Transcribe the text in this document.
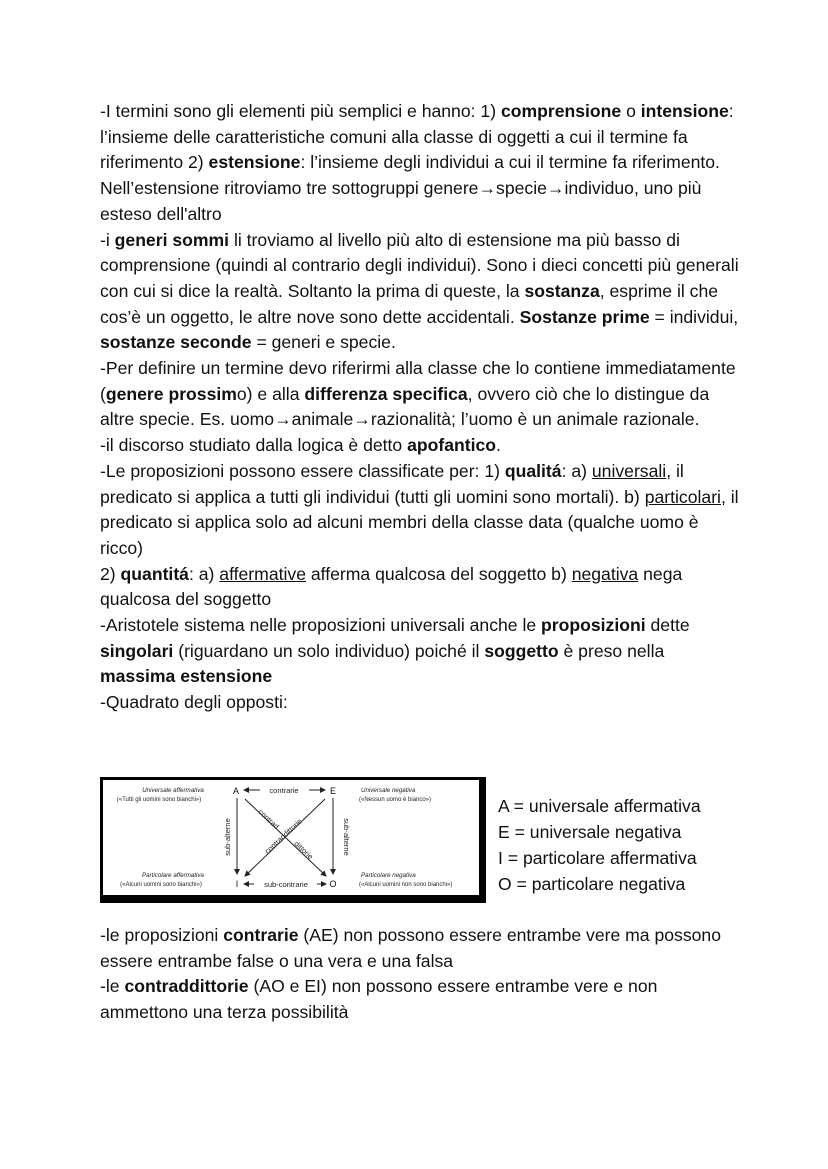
-I termini sono gli elementi più semplici e hanno: 1) comprensione o intensione: l’insieme delle caratteristiche comuni alla classe di oggetti a cui il termine fa riferimento 2) estensione: l’insieme degli individui a cui il termine fa riferimento. Nell’estensione ritroviamo tre sottogruppi genere→specie→individuo, uno più esteso dell'altro

-i generi sommi li troviamo al livello più alto di estensione ma più basso di comprensione (quindi al contrario degli individui). Sono i dieci concetti più generali con cui si dice la realtà. Soltanto la prima di queste, la sostanza, esprime il che cos’è un oggetto, le altre nove sono dette accidentali. Sostanze prime = individui, sostanze seconde = generi e specie.

-Per definire un termine devo riferirmi alla classe che lo contiene immediatamente (genere prossimo) e alla differenza specifica, ovvero ciò che lo distingue da altre specie. Es. uomo→animale→razionalità; l’uomo è un animale razionale.

-il discorso studiato dalla logica è detto apofantico.

-Le proposizioni possono essere classificate per: 1) qualitá: a) universali, il predicato si applica a tutti gli individui (tutti gli uomini sono mortali). b) particolari, il predicato si applica solo ad alcuni membri della classe data (qualche uomo è ricco)

2) quantitá: a) affermative afferma qualcosa del soggetto b) negativa nega qualcosa del soggetto

-Aristotele sistema nelle proposizioni universali anche le proposizioni dette singolari (riguardano un solo individuo) poiché il soggetto è preso nella massima estensione

-Quadrato degli opposti:

Universale affermativa
(«Tutti gli uomini sono bianchi»)
Universale negativa
(«Nessun uomo è bianco»)
Particolare affermativa
(«Alcuni uomini sono bianchi»)
Particolare negativa
(«Alcuni uomini non sono bianchi»)
A	E
I	O
contrarie
sub-contrarie
sub-alterne	sub-alterne
contrad
dittorie
contraddittorie
A = universale affermativa
E = universale negativa
I = particolare affermativa
O = particolare negativa

-le proposizioni contrarie (AE) non possono essere entrambe vere ma possono essere entrambe false o una vera e una falsa

-le contraddittorie (AO e EI) non possono essere entrambe vere e non ammettono una terza possibilità
